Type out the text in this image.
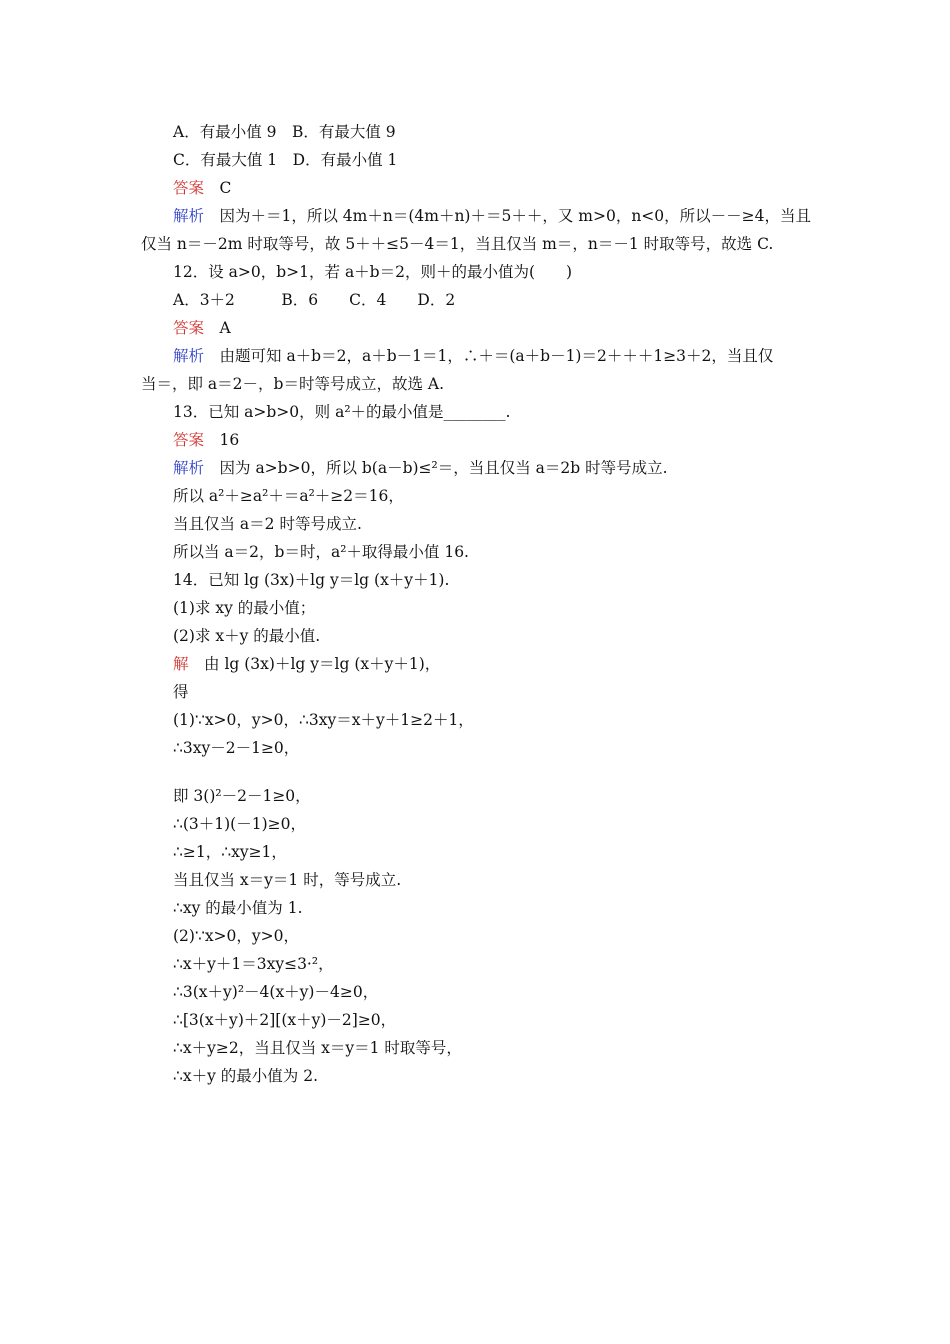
A．有最小值 9　B．有最大值 9
C．有最大值 1　D．有最小值 1
答案　C
解析　因为＋＝1，所以 4m＋n＝(4m＋n)＋＝5＋＋，又 m>0，n<0，所以－－≥4，当且
仅当 n＝－2m 时取等号，故 5＋＋≤5－4＝1，当且仅当 m＝，n＝－1 时取等号，故选 C.
12．设 a>0，b>1，若 a＋b＝2，则＋的最小值为(　　)
A．3＋2　　　B．6　　C．4　　D．2
答案　A
解析　由题可知 a＋b＝2，a＋b－1＝1，∴＋＝(a＋b－1)＝2＋＋＋1≥3＋2，当且仅
当＝，即 a＝2－，b＝时等号成立，故选 A.
13．已知 a>b>0，则 a²＋的最小值是________.
答案　16
解析　因为 a>b>0，所以 b(a－b)≤²＝，当且仅当 a＝2b 时等号成立.
所以 a²＋≥a²＋＝a²＋≥2＝16，
当且仅当 a＝2 时等号成立.
所以当 a＝2，b＝时，a²＋取得最小值 16.
14．已知 lg (3x)＋lg y＝lg (x＋y＋1).
(1)求 xy 的最小值；
(2)求 x＋y 的最小值.
解　由 lg (3x)＋lg y＝lg (x＋y＋1)，
得
(1)∵x>0，y>0，∴3xy＝x＋y＋1≥2＋1，
∴3xy－2－1≥0，
即 3()²－2－1≥0，
∴(3＋1)(－1)≥0，
∴≥1，∴xy≥1，
当且仅当 x＝y＝1 时，等号成立.
∴xy 的最小值为 1.
(2)∵x>0，y>0，
∴x＋y＋1＝3xy≤3·²，
∴3(x＋y)²－4(x＋y)－4≥0，
∴[3(x＋y)＋2][(x＋y)－2]≥0，
∴x＋y≥2，当且仅当 x＝y＝1 时取等号，
∴x＋y 的最小值为 2.
